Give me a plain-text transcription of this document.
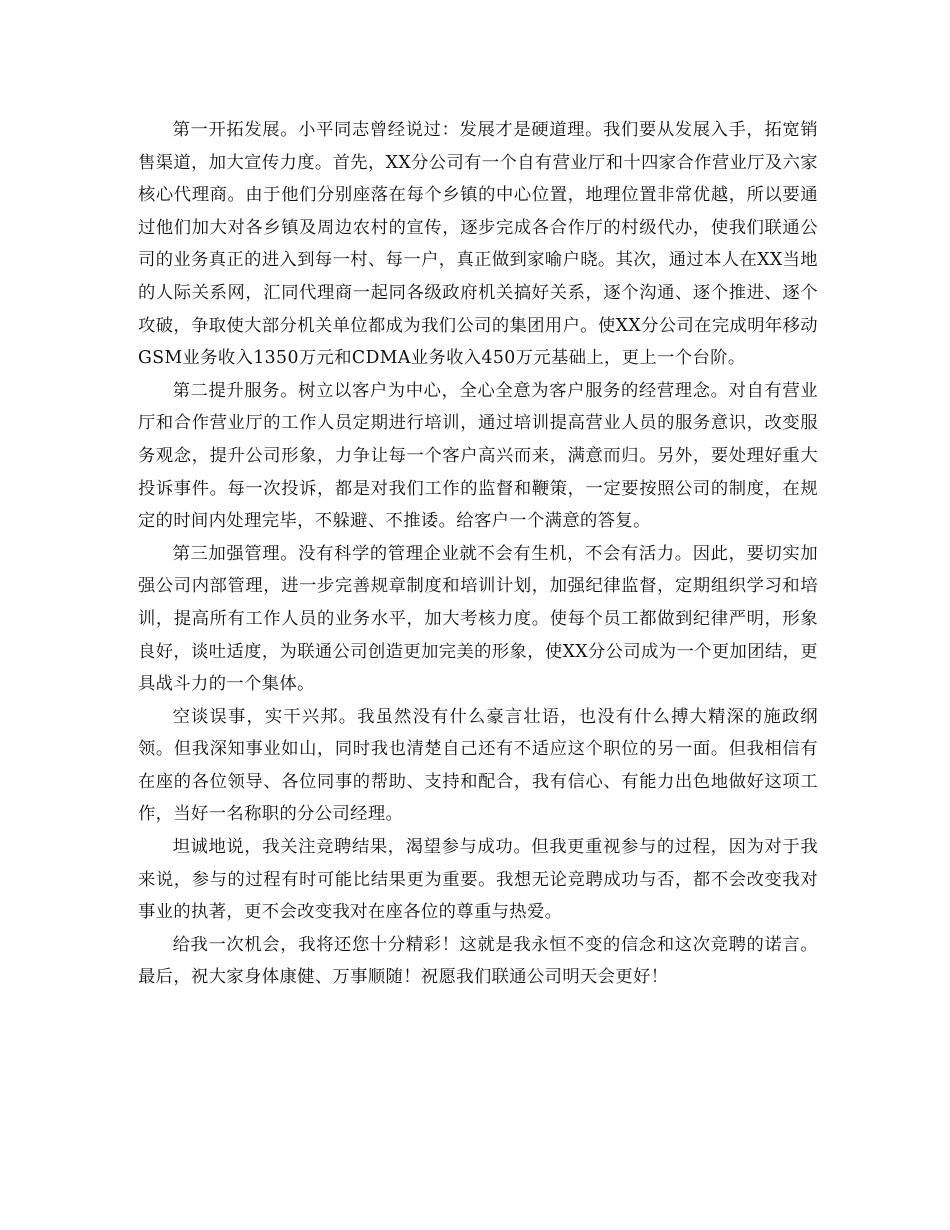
第一开拓发展。小平同志曾经说过：发展才是硬道理。我们要从发展入手，拓宽销售渠道，加大宣传力度。首先，XX分公司有一个自有营业厅和十四家合作营业厅及六家核心代理商。由于他们分别座落在每个乡镇的中心位置，地理位置非常优越，所以要通过他们加大对各乡镇及周边农村的宣传，逐步完成各合作厅的村级代办，使我们联通公司的业务真正的进入到每一村、每一户，真正做到家喻户晓。其次，通过本人在XX当地的人际关系网，汇同代理商一起同各级政府机关搞好关系，逐个沟通、逐个推进、逐个攻破，争取使大部分机关单位都成为我们公司的集团用户。使XX分公司在完成明年移动GSM业务收入1350万元和CDMA业务收入450万元基础上，更上一个台阶。

第二提升服务。树立以客户为中心，全心全意为客户服务的经营理念。对自有营业厅和合作营业厅的工作人员定期进行培训，通过培训提高营业人员的服务意识，改变服务观念，提升公司形象，力争让每一个客户高兴而来，满意而归。另外，要处理好重大投诉事件。每一次投诉，都是对我们工作的监督和鞭策，一定要按照公司的制度，在规定的时间内处理完毕，不躲避、不推诿。给客户一个满意的答复。

第三加强管理。没有科学的管理企业就不会有生机，不会有活力。因此，要切实加强公司内部管理，进一步完善规章制度和培训计划，加强纪律监督，定期组织学习和培训，提高所有工作人员的业务水平，加大考核力度。使每个员工都做到纪律严明，形象良好，谈吐适度，为联通公司创造更加完美的形象，使XX分公司成为一个更加团结，更具战斗力的一个集体。

空谈误事，实干兴邦。我虽然没有什么豪言壮语，也没有什么搏大精深的施政纲领。但我深知事业如山，同时我也清楚自己还有不适应这个职位的另一面。但我相信有在座的各位领导、各位同事的帮助、支持和配合，我有信心、有能力出色地做好这项工作，当好一名称职的分公司经理。

坦诚地说，我关注竞聘结果，渴望参与成功。但我更重视参与的过程，因为对于我来说，参与的过程有时可能比结果更为重要。我想无论竞聘成功与否，都不会改变我对事业的执著，更不会改变我对在座各位的尊重与热爱。

给我一次机会，我将还您十分精彩！这就是我永恒不变的信念和这次竞聘的诺言。最后，祝大家身体康健、万事顺随！祝愿我们联通公司明天会更好！
